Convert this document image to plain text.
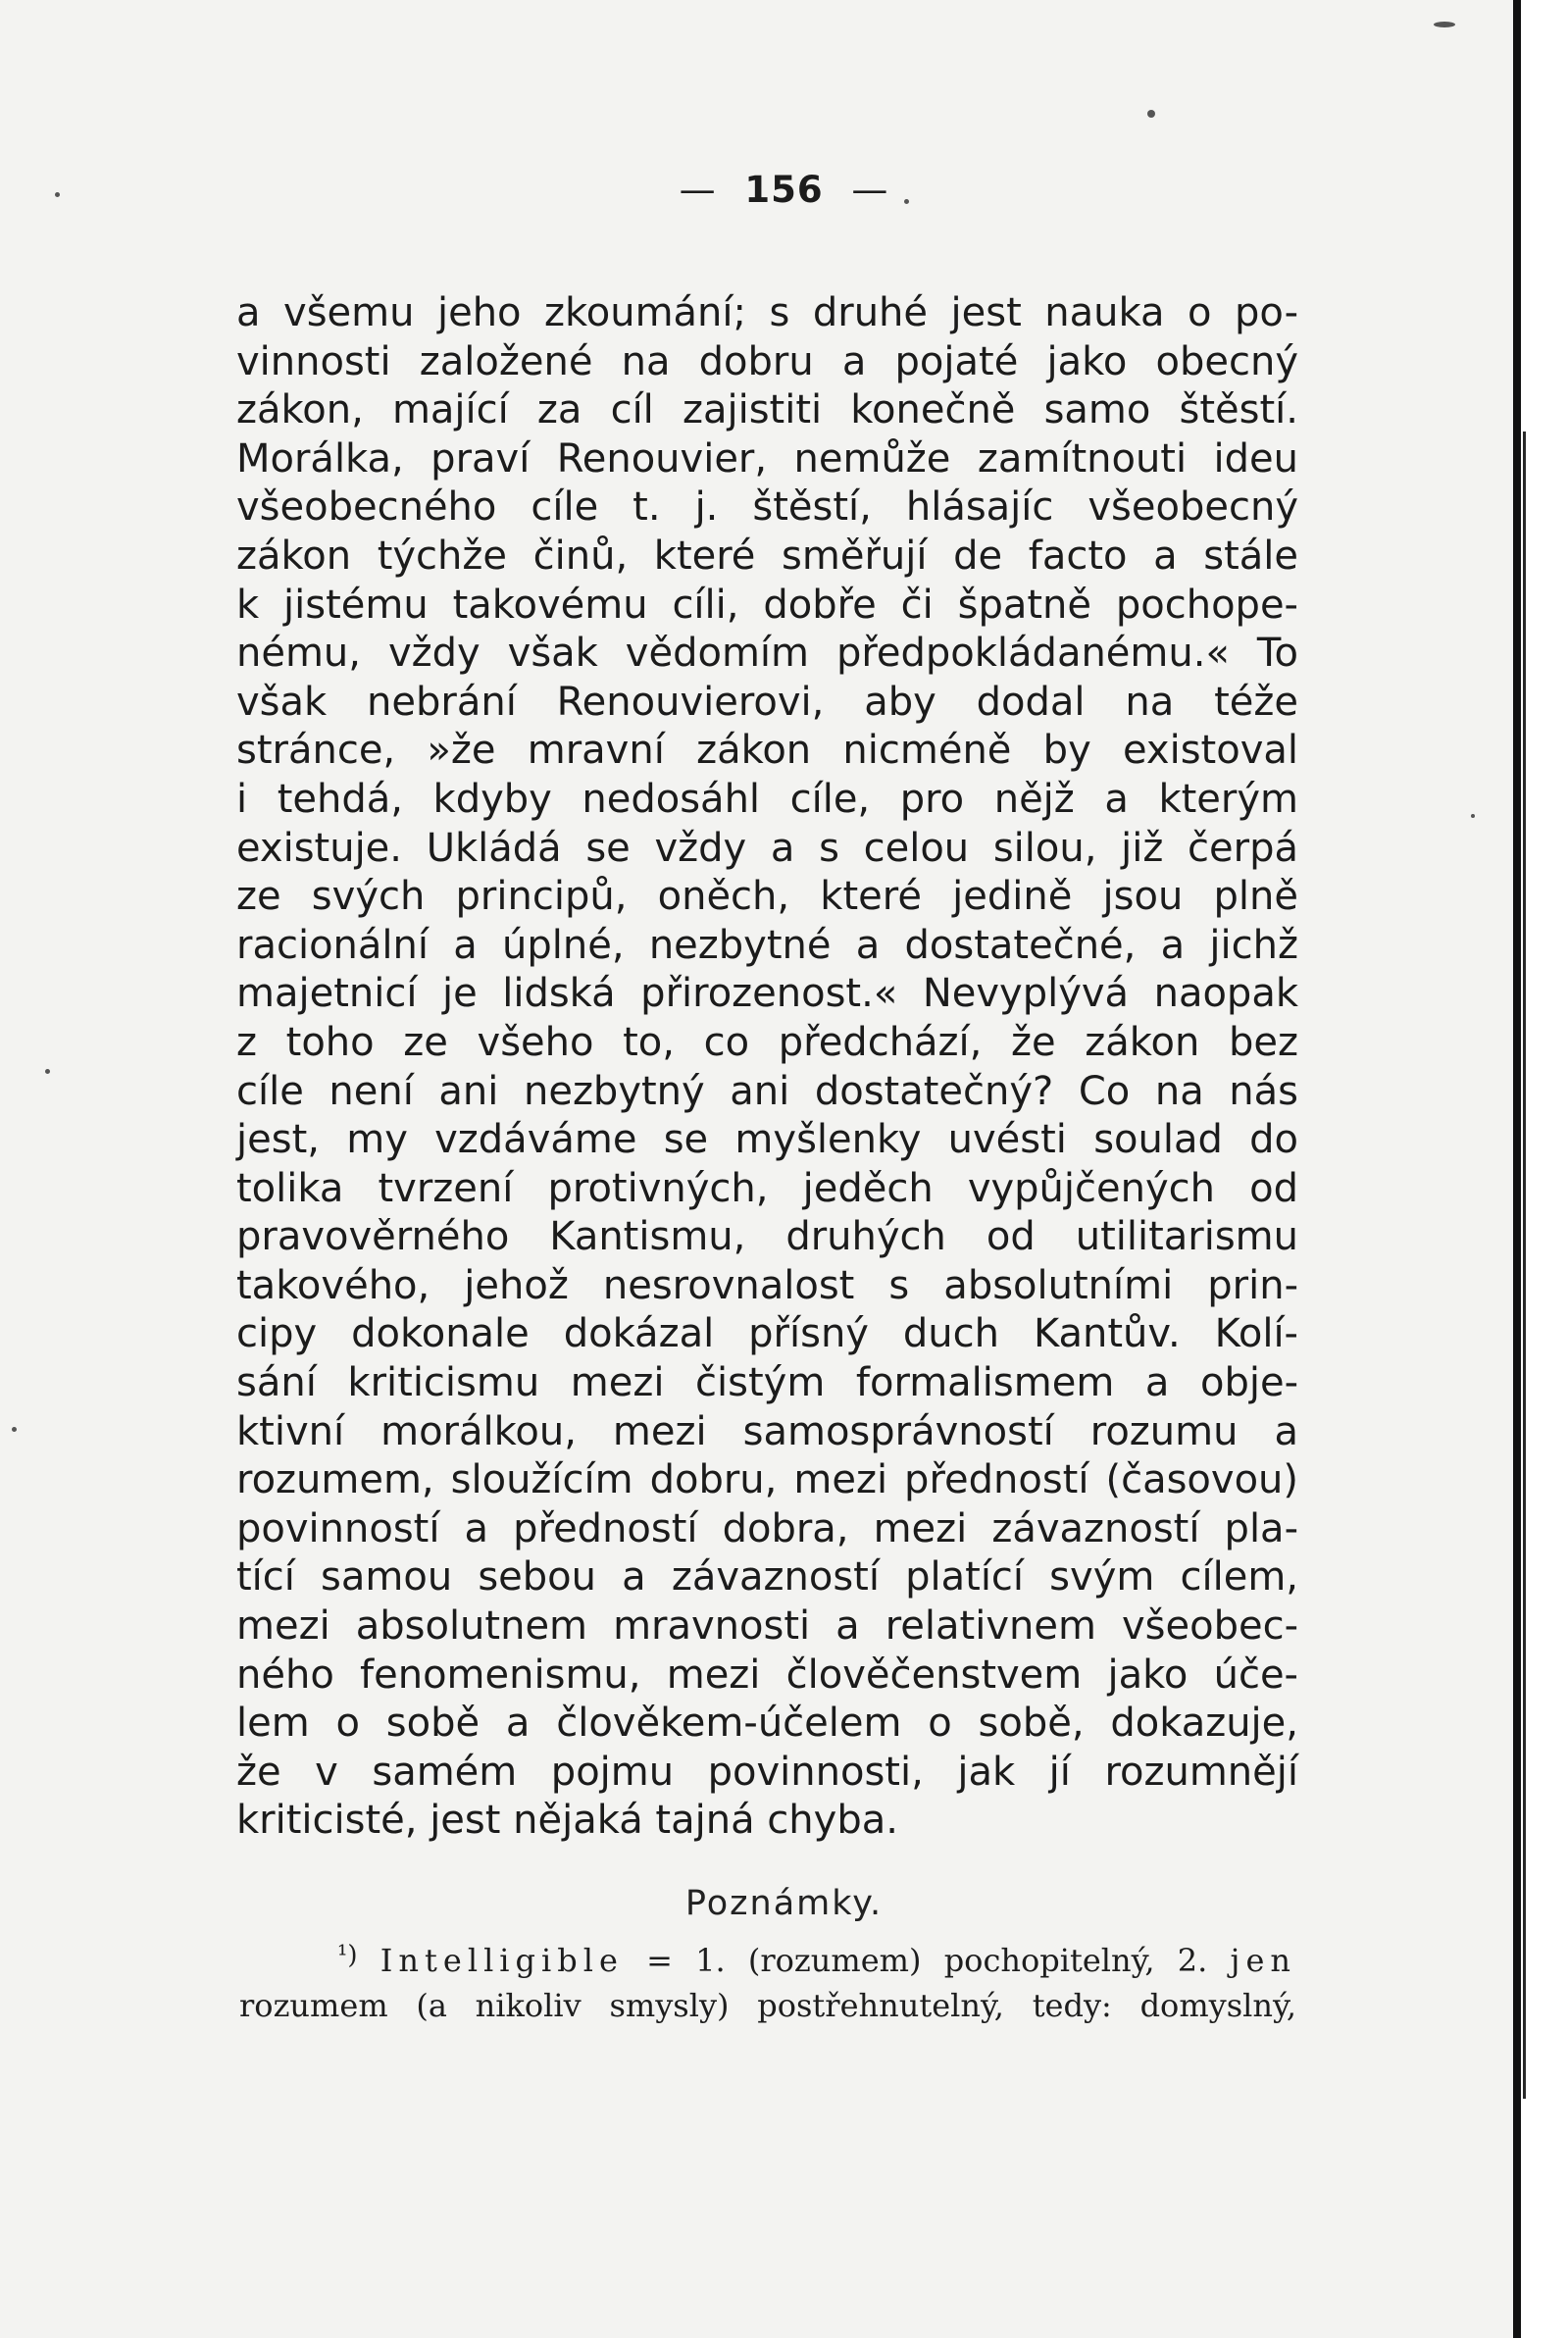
— 156 —
a všemu jeho zkoumání; s druhé jest nauka o po-
vinnosti založené na dobru a pojaté jako obecný
zákon, mající za cíl zajistiti konečně samo štěstí.
Morálka, praví Renouvier, nemůže zamítnouti ideu
všeobecného cíle t. j. štěstí, hlásajíc všeobecný
zákon týchže činů, které směřují de facto a stále
k jistému takovému cíli, dobře či špatně pochope-
nému, vždy však vědomím předpokládanému.« To
však nebrání Renouvierovi, aby dodal na téže
stránce, »že mravní zákon nicméně by existoval
i tehdá, kdyby nedosáhl cíle, pro nějž a kterým
existuje. Ukládá se vždy a s celou silou, již čerpá
ze svých principů, oněch, které jedině jsou plně
racionální a úplné, nezbytné a dostatečné, a jichž
majetnicí je lidská přirozenost.« Nevyplývá naopak
z toho ze všeho to, co předchází, že zákon bez
cíle není ani nezbytný ani dostatečný? Co na nás
jest, my vzdáváme se myšlenky uvésti soulad do
tolika tvrzení protivných, jeděch vypůjčených od
pravověrného Kantismu, druhých od utilitarismu
takového, jehož nesrovnalost s absolutními prin-
cipy dokonale dokázal přísný duch Kantův. Kolí-
sání kriticismu mezi čistým formalismem a obje-
ktivní morálkou, mezi samosprávností rozumu a
rozumem, sloužícím dobru, mezi předností (časovou)
povinností a předností dobra, mezi závazností pla-
tící samou sebou a závazností platící svým cílem,
mezi absolutnem mravnosti a relativnem všeobec-
ného fenomenismu, mezi člověčenstvem jako úče-
lem o sobě a člověkem-účelem o sobě, dokazuje,
že v samém pojmu povinnosti, jak jí rozumnějí
kriticisté, jest nějaká tajná chyba.
Poznámky.
$^{^1)}$ Intelligible = 1. (rozumem) pochopitelný, 2. jen
rozumem (a nikoliv smysly) postřehnutelný, tedy: domyslný,
